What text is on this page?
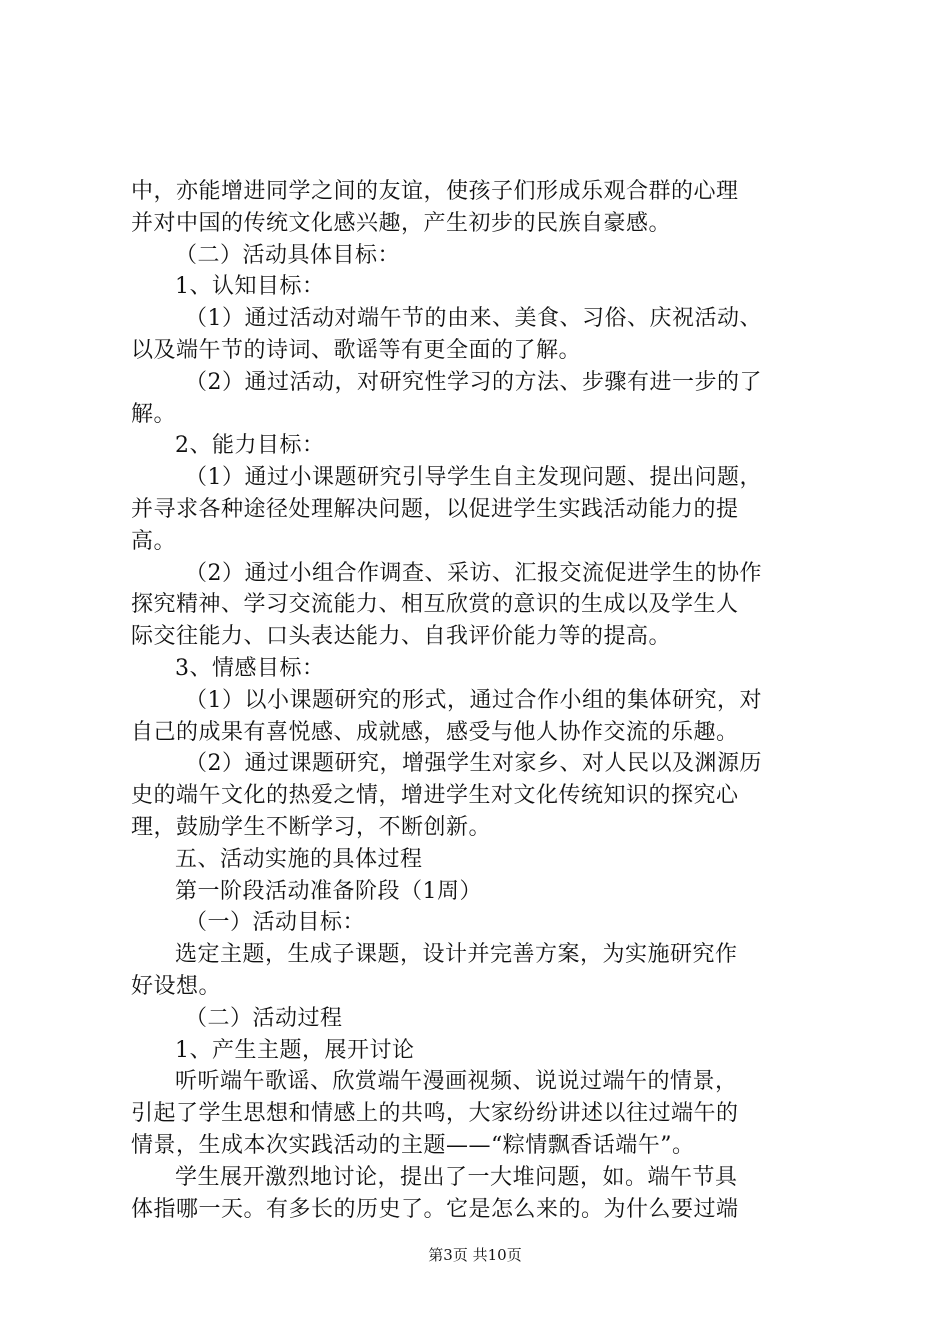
中，亦能增进同学之间的友谊，使孩子们形成乐观合群的心理
并对中国的传统文化感兴趣，产生初步的民族自豪感。
（二）活动具体目标：
1、认知目标：
（1）通过活动对端午节的由来、美食、习俗、庆祝活动、
以及端午节的诗词、歌谣等有更全面的了解。
（2）通过活动，对研究性学习的方法、步骤有进一步的了
解。
2、能力目标：
（1）通过小课题研究引导学生自主发现问题、提出问题，
并寻求各种途径处理解决问题，以促进学生实践活动能力的提
高。
（2）通过小组合作调查、采访、汇报交流促进学生的协作
探究精神、学习交流能力、相互欣赏的意识的生成以及学生人
际交往能力、口头表达能力、自我评价能力等的提高。
3、情感目标：
（1）以小课题研究的形式，通过合作小组的集体研究，对
自己的成果有喜悦感、成就感，感受与他人协作交流的乐趣。
（2）通过课题研究，增强学生对家乡、对人民以及渊源历
史的端午文化的热爱之情，增进学生对文化传统知识的探究心
理，鼓励学生不断学习，不断创新。
五、活动实施的具体过程
第一阶段活动准备阶段（1周）
（一）活动目标：
选定主题，生成子课题，设计并完善方案，为实施研究作
好设想。
（二）活动过程
1、产生主题，展开讨论
听听端午歌谣、欣赏端午漫画视频、说说过端午的情景，
引起了学生思想和情感上的共鸣，大家纷纷讲述以往过端午的
情景，生成本次实践活动的主题——“粽情飘香话端午”。
学生展开激烈地讨论，提出了一大堆问题，如。端午节具
体指哪一天。有多长的历史了。它是怎么来的。为什么要过端
第3页 共10页
